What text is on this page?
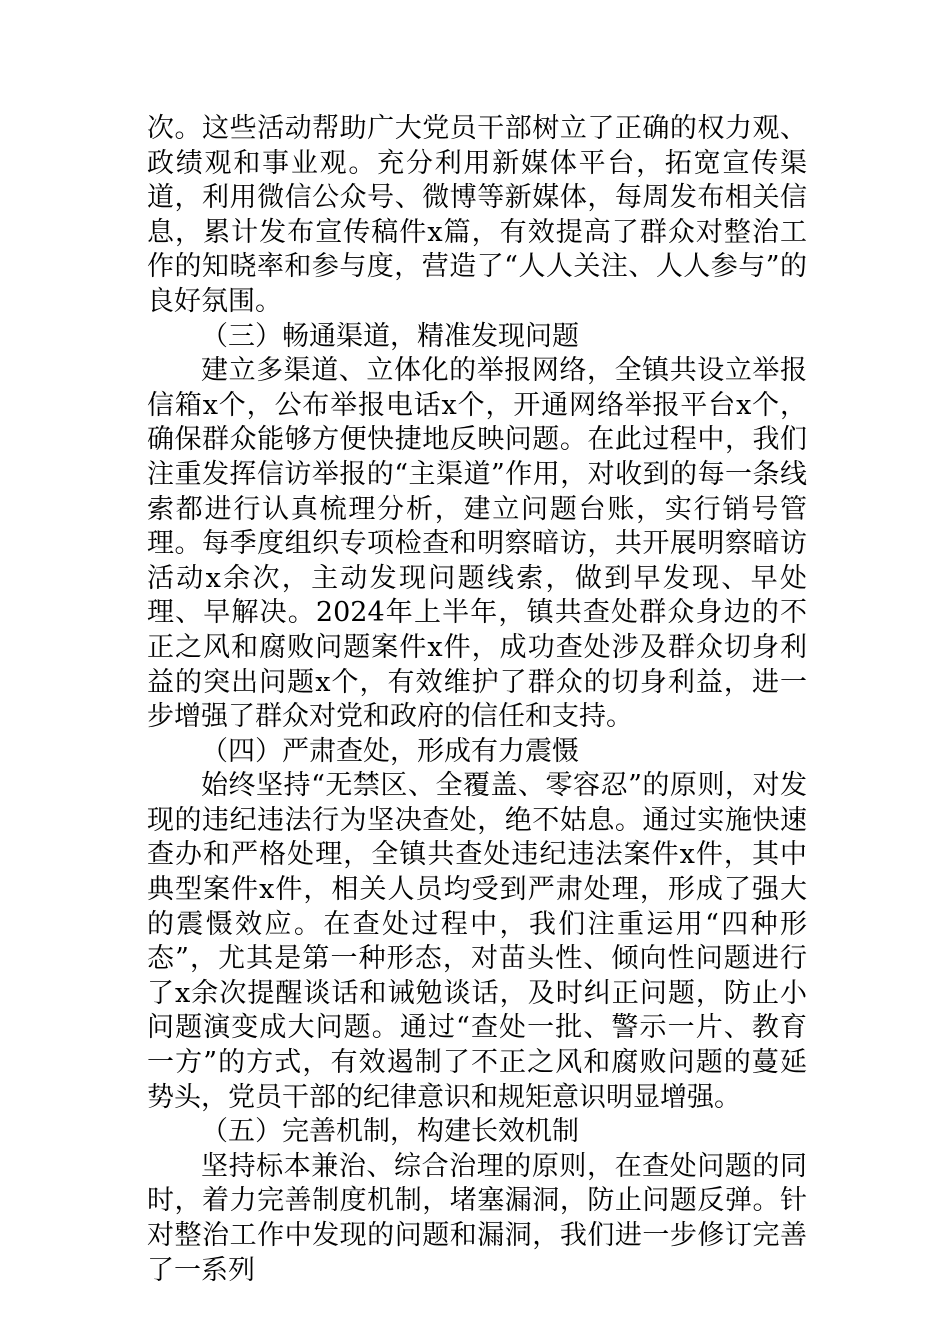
次。这些活动帮助广大党员干部树立了正确的权力观、政绩观和事业观。充分利用新媒体平台，拓宽宣传渠道，利用微信公众号、微博等新媒体，每周发布相关信息，累计发布宣传稿件x篇，有效提高了群众对整治工作的知晓率和参与度，营造了“人人关注、人人参与”的良好氛围。

（三）畅通渠道，精准发现问题

建立多渠道、立体化的举报网络，全镇共设立举报信箱x个，公布举报电话x个，开通网络举报平台x个，确保群众能够方便快捷地反映问题。在此过程中，我们注重发挥信访举报的“主渠道”作用，对收到的每一条线索都进行认真梳理分析，建立问题台账，实行销号管理。每季度组织专项检查和明察暗访，共开展明察暗访活动x余次，主动发现问题线索，做到早发现、早处理、早解决。2024年上半年，镇共查处群众身边的不正之风和腐败问题案件x件，成功查处涉及群众切身利益的突出问题x个，有效维护了群众的切身利益，进一步增强了群众对党和政府的信任和支持。

（四）严肃查处，形成有力震慑

始终坚持“无禁区、全覆盖、零容忍”的原则，对发现的违纪违法行为坚决查处，绝不姑息。通过实施快速查办和严格处理，全镇共查处违纪违法案件x件，其中典型案件x件，相关人员均受到严肃处理，形成了强大的震慑效应。在查处过程中，我们注重运用“四种形态”，尤其是第一种形态，对苗头性、倾向性问题进行了x余次提醒谈话和诫勉谈话，及时纠正问题，防止小问题演变成大问题。通过“查处一批、警示一片、教育一方”的方式，有效遏制了不正之风和腐败问题的蔓延势头，党员干部的纪律意识和规矩意识明显增强。

（五）完善机制，构建长效机制

坚持标本兼治、综合治理的原则，在查处问题的同时，着力完善制度机制，堵塞漏洞，防止问题反弹。针对整治工作中发现的问题和漏洞，我们进一步修订完善了一系列
